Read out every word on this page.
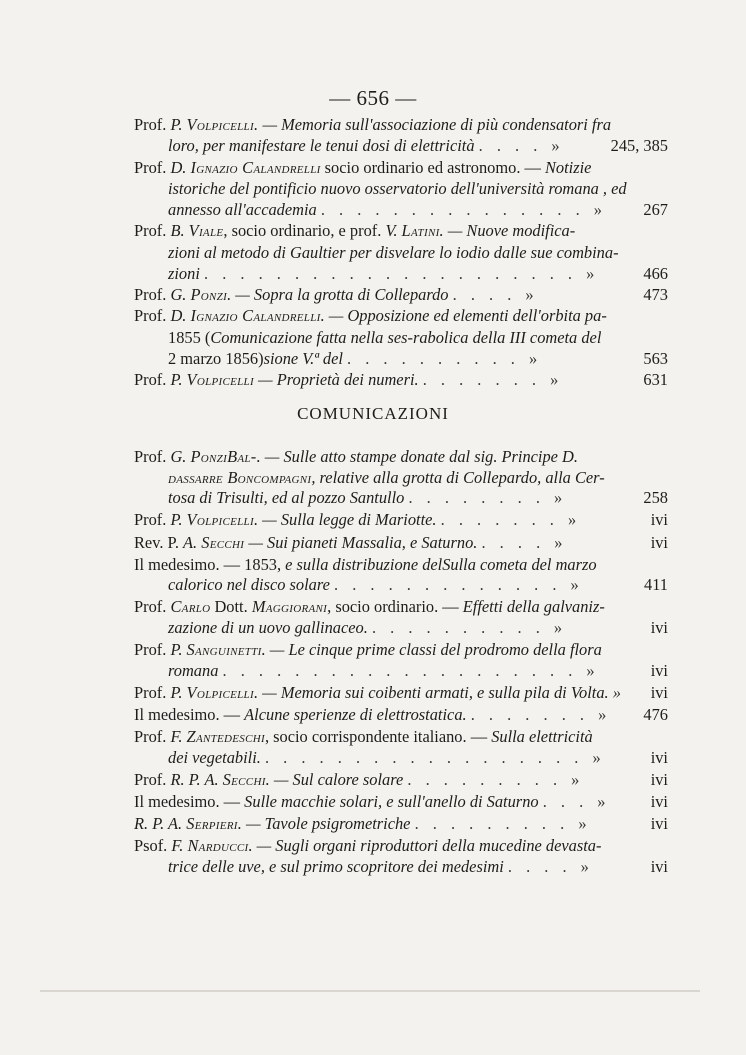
— 656 —
Prof. P. Volpicelli. — Memoria sull'associazione di più condensatori fra
loro, per manifestare le tenui dosi di elettricità . . . . »	245, 385
Prof. D. Ignazio Calandrelli socio ordinario ed astronomo. — Notizie
istoriche del pontificio nuovo osservatorio dell'università romana , ed
annesso all'accademia . . . . . . . . . . . . . . . » 267
Prof. B. Viale, socio ordinario, e prof. V. Latini. — Nuove modifica-
zioni al metodo di Gaultier per disvelare lo iodio dalle sue combina-
zioni . . . . . . . . . . . . . . . . . . . . . »	466
Prof. G. Ponzi. — Sopra la grotta di Collepardo . . . . »	473
Prof. D. Ignazio Calandrelli. — Opposizione ed elementi dell'orbita pa-
1855 (Comunicazione fatta nella ses-rabolica della III cometa del
2 marzo 1856)sione V.ª del . . . . . . . . . . »	563
Prof. P. Volpicelli — Proprietà dei numeri. . . . . . . . »	631
COMUNICAZIONI
Prof. G. PonziBal-. — Sulle atto stampe donate dal sig. Principe D.
dassarre Boncompagni, relative alla grotta di Collepardo, alla Cer-
tosa di Trisulti, ed al pozzo Santullo . . . . . . . . »	258
Prof. P. Volpicelli. — Sulla legge di Mariotte. . . . . . . . »	ivi
Rev. P. A. Secchi — Sui pianeti Massalia, e Saturno. . . . . »	ivi
Il medesimo. — 1853, e sulla distribuzione delSulla cometa del marzo
calorico nel disco solare . . . . . . . . . . . . . »	411
Prof. Carlo Dott. Maggiorani, socio ordinario. — Effetti della galvaniz-
zazione di un uovo gallinaceo. . . . . . . . . . . »	ivi
Prof. P. Sanguinetti. — Le cinque prime classi del prodromo della flora
romana . . . . . . . . . . . . . . . . . . . . »	ivi
Prof. P. Volpicelli. — Memoria sui coibenti armati, e sulla pila di Volta. » ivi
Il medesimo. — Alcune sperienze di elettrostatica. . . . . . . . » 476
Prof. F. Zantedeschi, socio corrispondente italiano. — Sulla elettricità
dei vegetabili. . . . . . . . . . . . . . . . . . . »	ivi
Prof. R. P. A. Secchi. — Sul calore solare . . . . . . . . . »	ivi
Il medesimo. — Sulle macchie solari, e sull'anello di Saturno . . . » ivi
R. P. A. Serpieri. — Tavole psigrometriche . . . . . . . . . »	ivi
Psof. F. Narducci. — Sugli organi riproduttori della mucedine devasta-
trice delle uve, e sul primo scopritore dei medesimi . . . . »	ivi
